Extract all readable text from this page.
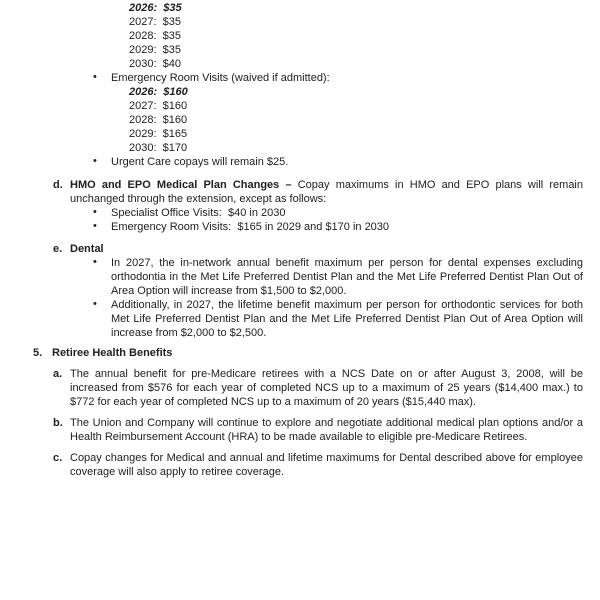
2026:  $35
2027:  $35
2028:  $35
2029:  $35
2030:  $40
• Emergency Room Visits (waived if admitted):
2026:  $160
2027:  $160
2028:  $160
2029:  $165
2030:  $170
• Urgent Care copays will remain $25.
d. HMO and EPO Medical Plan Changes – Copay maximums in HMO and EPO plans will remain unchanged through the extension, except as follows:
• Specialist Office Visits:  $40 in 2030
• Emergency Room Visits:  $165 in 2029 and $170 in 2030
e. Dental
• In 2027, the in-network annual benefit maximum per person for dental expenses excluding orthodontia in the Met Life Preferred Dentist Plan and the Met Life Preferred Dentist Plan Out of Area Option will increase from $1,500 to $2,000.
• Additionally, in 2027, the lifetime benefit maximum per person for orthodontic services for both Met Life Preferred Dentist Plan and the Met Life Preferred Dentist Plan Out of Area Option will increase from $2,000 to $2,500.
5. Retiree Health Benefits
a. The annual benefit for pre-Medicare retirees with a NCS Date on or after August 3, 2008, will be increased from $576 for each year of completed NCS up to a maximum of 25 years ($14,400 max.) to $772 for each year of completed NCS up to a maximum of 20 years ($15,440 max).
b. The Union and Company will continue to explore and negotiate additional medical plan options and/or a Health Reimbursement Account (HRA) to be made available to eligible pre-Medicare Retirees.
c. Copay changes for Medical and annual and lifetime maximums for Dental described above for employee coverage will also apply to retiree coverage.
